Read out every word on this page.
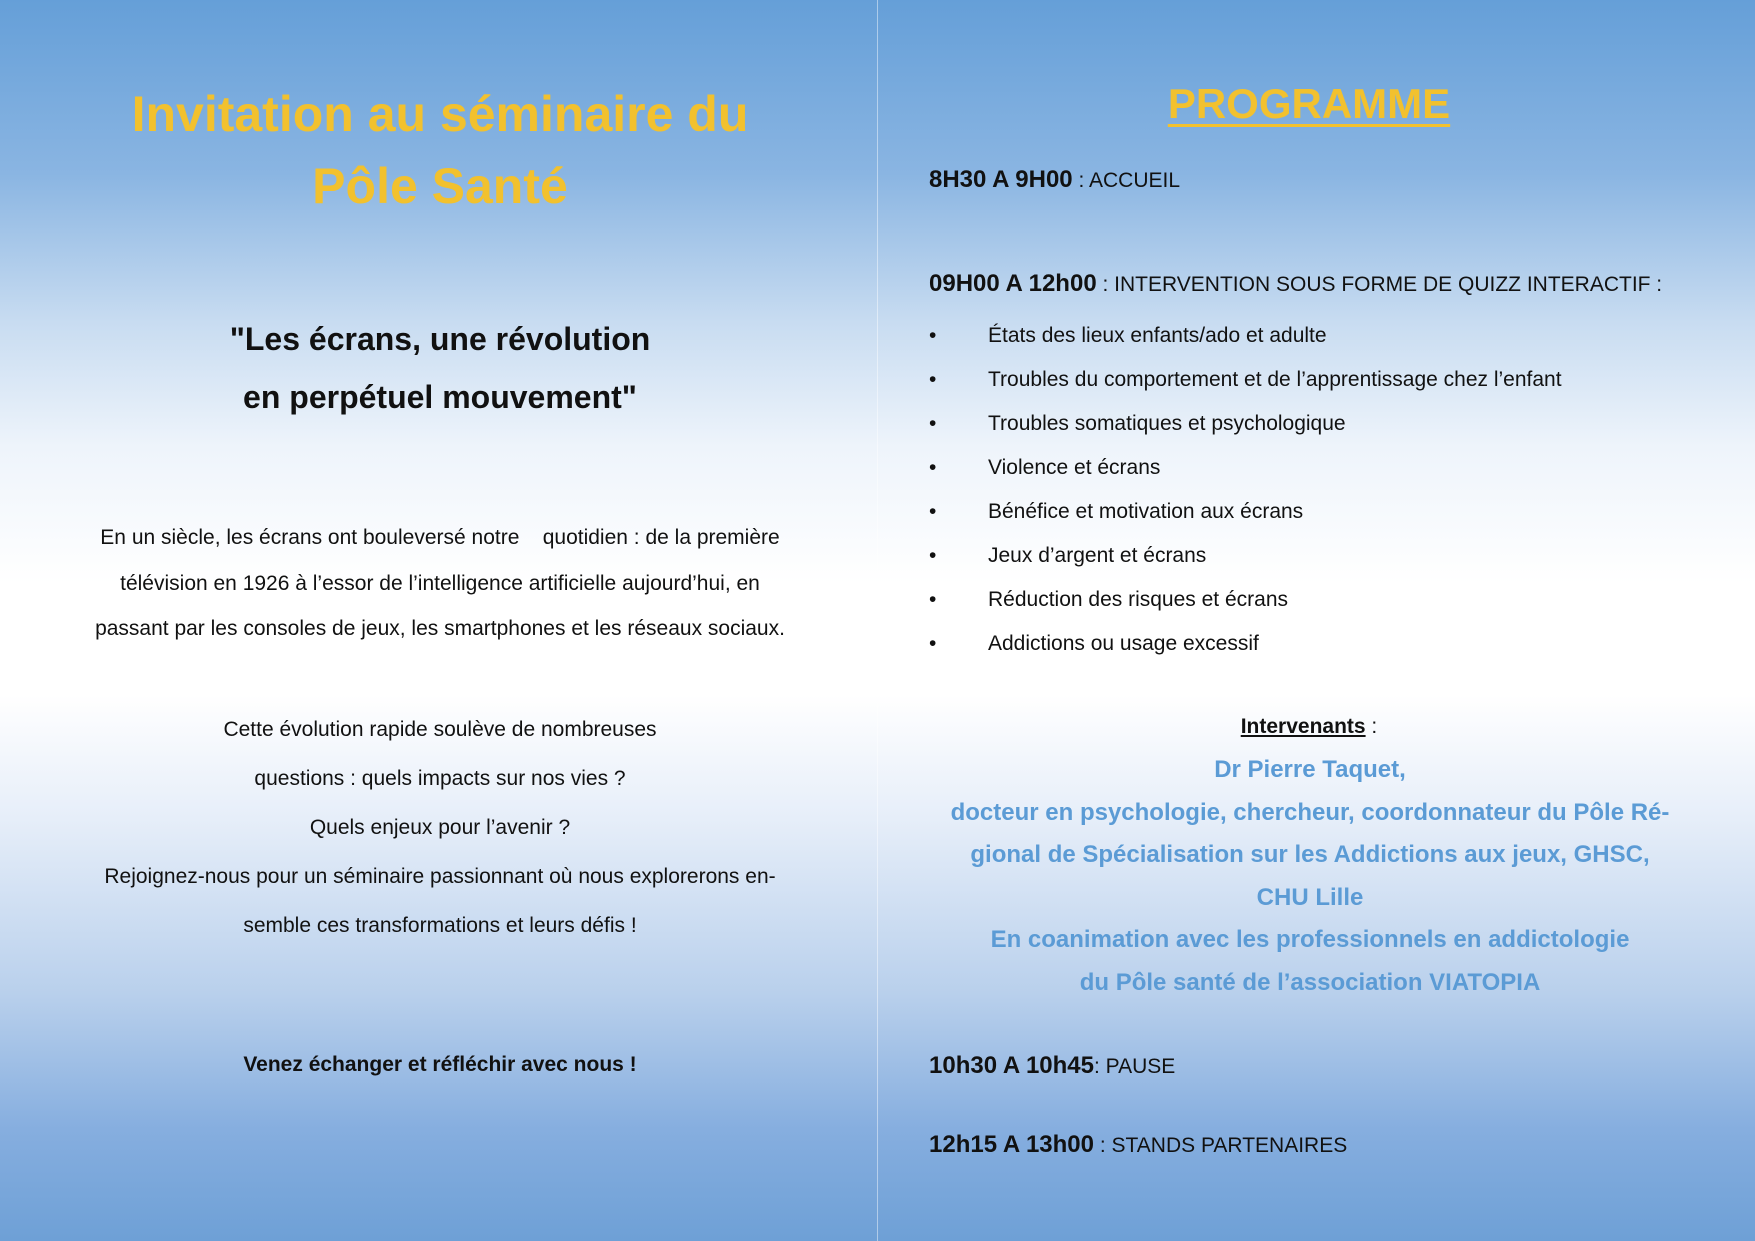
Invitation au séminaire du
Pôle Santé
"Les écrans, une révolution
en perpétuel mouvement"
En un siècle, les écrans ont bouleversé notre    quotidien : de la première
télévision en 1926 à l’essor de l’intelligence artificielle aujourd’hui, en
passant par les consoles de jeux, les smartphones et les réseaux sociaux.
Cette évolution rapide soulève de nombreuses
questions : quels impacts sur nos vies ?
Quels enjeux pour l’avenir ?
Rejoignez-nous pour un séminaire passionnant où nous explorerons en-
semble ces transformations et leurs défis !
Venez échanger et réfléchir avec nous !
PROGRAMME
8H30 A 9H00 : ACCUEIL
09H00 A 12h00 : INTERVENTION SOUS FORME DE QUIZZ INTERACTIF :
• États des lieux enfants/ado et adulte
• Troubles du comportement et de l’apprentissage chez l’enfant
• Troubles somatiques et psychologique
• Violence et écrans
• Bénéfice et motivation aux écrans
• Jeux d’argent et écrans
• Réduction des risques et écrans
• Addictions ou usage excessif
Intervenants :
Dr Pierre Taquet,
docteur en psychologie, chercheur, coordonnateur du Pôle Ré-
gional de Spécialisation sur les Addictions aux jeux, GHSC,
CHU Lille
En coanimation avec les professionnels en addictologie
du Pôle santé de l’association VIATOPIA
10h30 A 10h45: PAUSE
12h15 A 13h00 : STANDS PARTENAIRES
